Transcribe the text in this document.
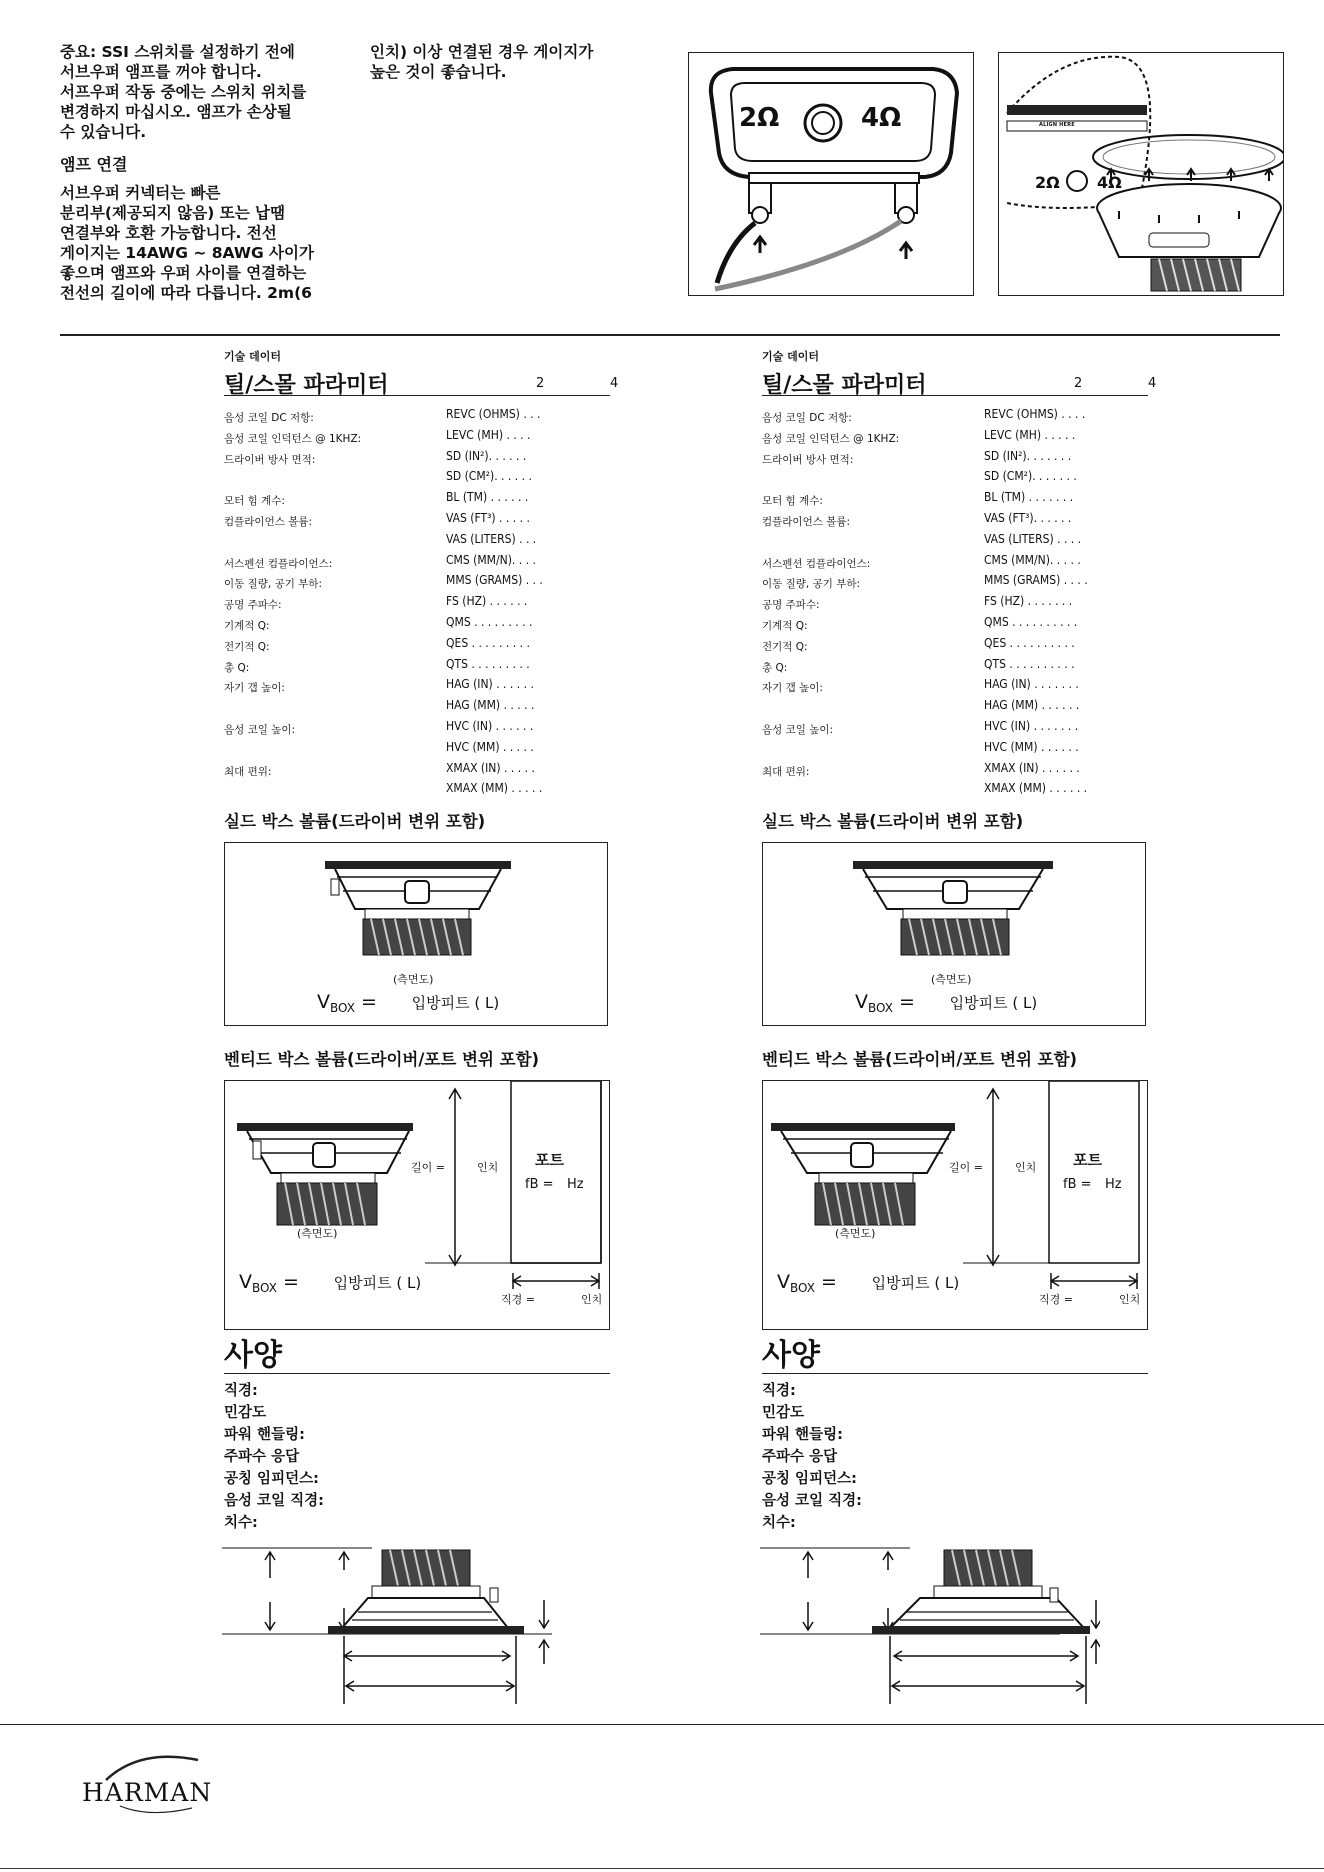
중요: SSI 스위치를 설정하기 전에

서브우퍼 앰프를 꺼야 합니다.

서프우퍼 작동 중에는 스위치 위치를

변경하지 마십시오. 앰프가 손상될

수 있습니다.

앰프 연결

서브우퍼 커넥터는 빠른

분리부(제공되지 않음) 또는 납땜

연결부와 호환 가능합니다. 전선

게이지는 14AWG ~ 8AWG 사이가

좋으며 앰프와 우퍼 사이를 연결하는

전선의 길이에 따라 다릅니다. 2m(6

인치) 이상 연결된 경우 게이지가

높은 것이 좋습니다.

2Ω	4Ω	ALIGN HERE
2Ω 4Ω
기술 데이터
틸/스몰 파라미터	2	4
음성 코일 DC 저항:	REVC (OHMS) . . .
음성 코일 인덕턴스 @ 1KHZ:	LEVC (MH) . . . .
드라이버 방사 면적:	SD (IN²). . . . . .
SD (CM²). . . . . .
모터 힘 계수:	BL (TM) . . . . . .
컴플라이언스 볼륨:	VAS (FT³) . . . . .
VAS (LITERS) . . .
서스펜션 컴플라이언스:	CMS (MM/N). . . .
이동 질량, 공기 부하:	MMS (GRAMS) . . .
공명 주파수:	FS (HZ) . . . . . .
기계적 Q:	QMS . . . . . . . . .
전기적 Q:	QES . . . . . . . . .
총 Q:	QTS . . . . . . . . .
자기 갭 높이:	HAG (IN) . . . . . .
HAG (MM) . . . . .
음성 코일 높이:	HVC (IN) . . . . . .
HVC (MM) . . . . .
최대 편위:	XMAX (IN) . . . . .
XMAX (MM) . . . . .
기술 데이터
틸/스몰 파라미터	2	4
음성 코일 DC 저항:	REVC (OHMS) . . . .
음성 코일 인덕턴스 @ 1KHZ:	LEVC (MH) . . . . .
드라이버 방사 면적:	SD (IN²). . . . . . .
SD (CM²). . . . . . .
모터 힘 계수:	BL (TM) . . . . . . .
컴플라이언스 볼륨:	VAS (FT³). . . . . .
VAS (LITERS) . . . .
서스펜션 컴플라이언스:	CMS (MM/N). . . . .
이동 질량, 공기 부하:	MMS (GRAMS) . . . .
공명 주파수:	FS (HZ) . . . . . . .
기계적 Q:	QMS . . . . . . . . . .
전기적 Q:	QES . . . . . . . . . .
총 Q:	QTS . . . . . . . . . .
자기 갭 높이:	HAG (IN) . . . . . . .
HAG (MM) . . . . . .
음성 코일 높이:	HVC (IN) . . . . . . .
HVC (MM) . . . . . .
최대 편위:	XMAX (IN) . . . . . .
XMAX (MM) . . . . . .
실드 박스 볼륨(드라이버 변위 포함)
(측면도)
$V_{BOX}$ = 입방피트 ( L)
실드 박스 볼륨(드라이버 변위 포함)
(측면도)
$V_{BOX}$ = 입방피트 ( L)
벤티드 박스 볼륨(드라이버/포트 변위 포함)
길이 =	인치 포트
fB = Hz
(측면도)
$V_{BOX}$ = 입방피트 ( L)
직경 =	인치
벤티드 박스 볼륨(드라이버/포트 변위 포함)
길이 =	인치 포트
fB = Hz
(측면도)
$V_{BOX}$ = 입방피트 ( L)
직경 =	인치
사양
직경:
민감도
파워 핸들링:
주파수 응답
공칭 임피던스:
음성 코일 직경:
치수:
사양
직경:
민감도
파워 핸들링:
주파수 응답
공칭 임피던스:
음성 코일 직경:
치수:
HARMAN
